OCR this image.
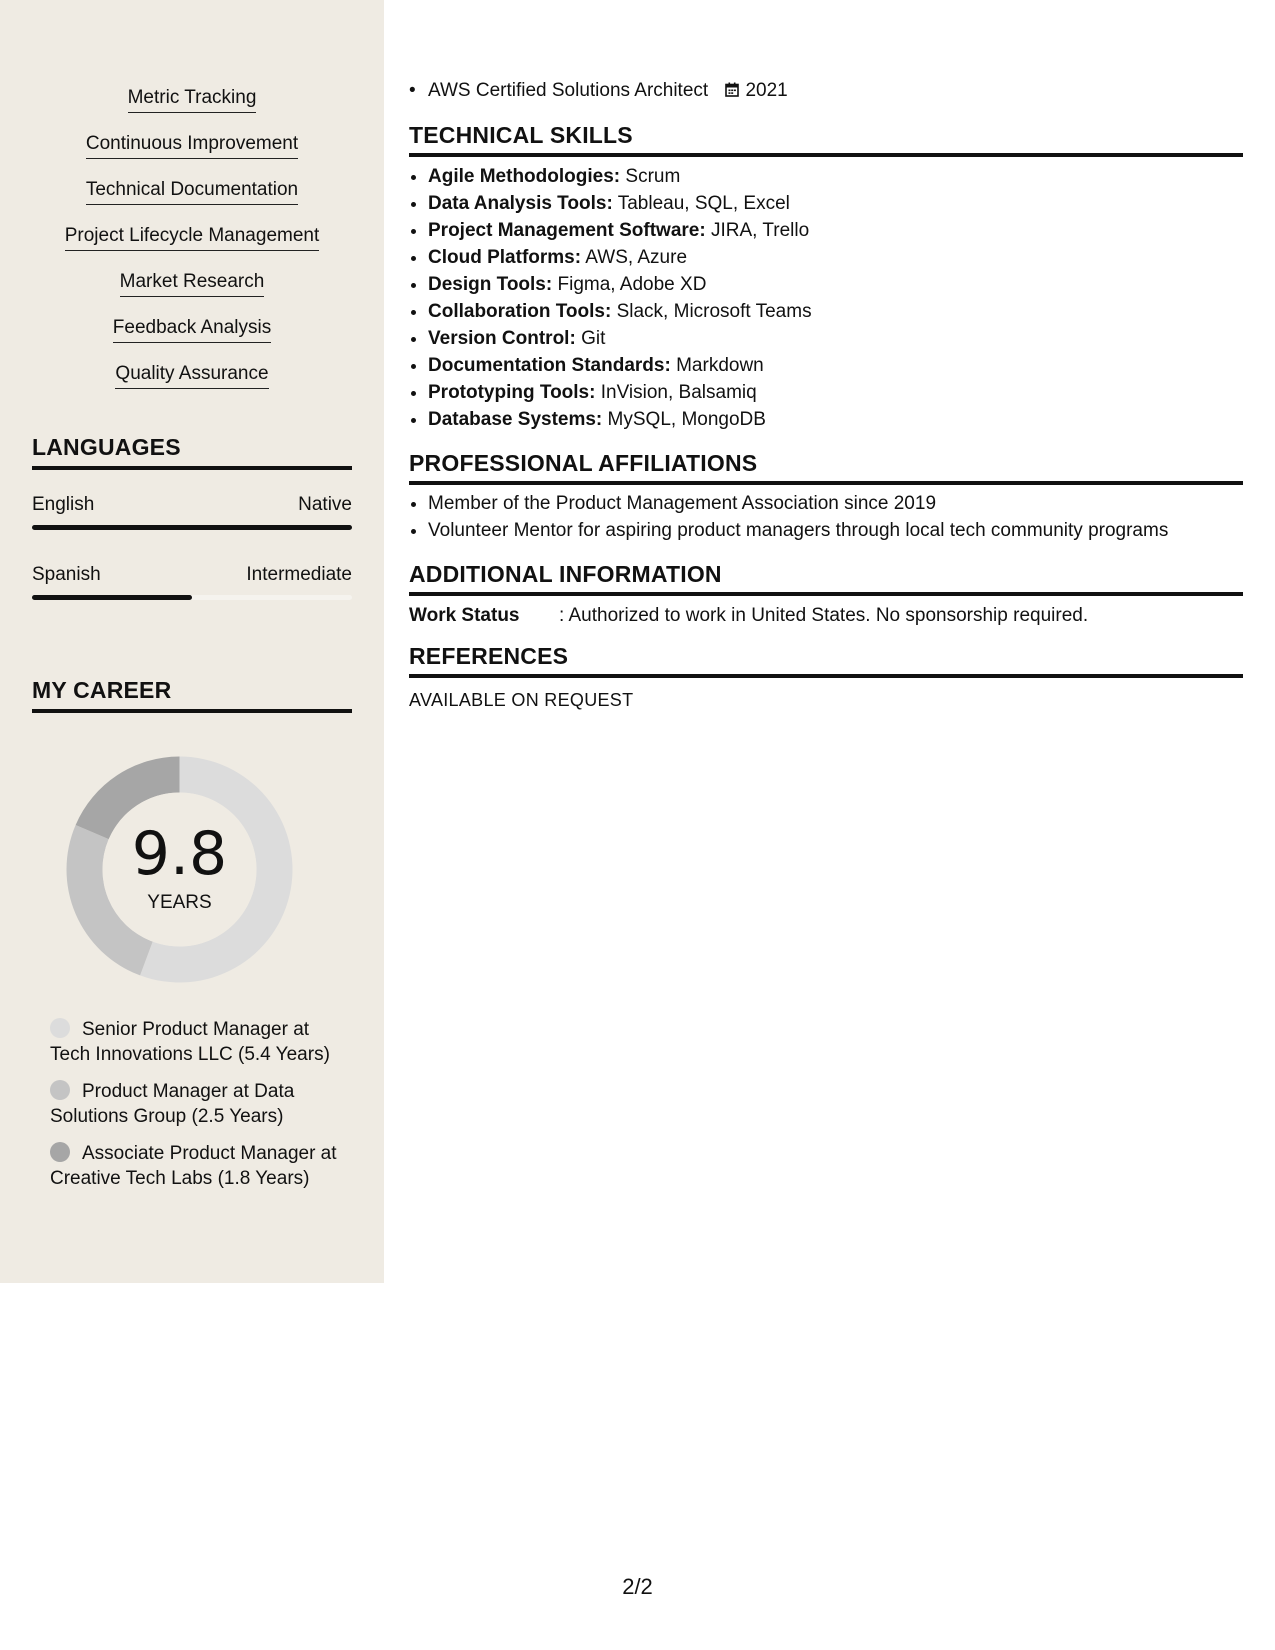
Metric Tracking
Continuous Improvement
Technical Documentation
Project Lifecycle Management
Market Research
Feedback Analysis
Quality Assurance
LANGUAGES
English	Native
Spanish	Intermediate
MY CAREER
9.8
YEARS
Senior Product Manager at Tech Innovations LLC (5.4 Years)
Product Manager at Data Solutions Group (2.5 Years)
Associate Product Manager at Creative Tech Labs (1.8 Years)
• AWS Certified Solutions Architect 2021
TECHNICAL SKILLS
• Agile Methodologies: Scrum
• Data Analysis Tools: Tableau, SQL, Excel
• Project Management Software: JIRA, Trello
• Cloud Platforms: AWS, Azure
• Design Tools: Figma, Adobe XD
• Collaboration Tools: Slack, Microsoft Teams
• Version Control: Git
• Documentation Standards: Markdown
• Prototyping Tools: InVision, Balsamiq
• Database Systems: MySQL, MongoDB
PROFESSIONAL AFFILIATIONS
• Member of the Product Management Association since 2019
• Volunteer Mentor for aspiring product managers through local tech community programs
ADDITIONAL INFORMATION
Work Status : Authorized to work in United States. No sponsorship required.
REFERENCES
AVAILABLE ON REQUEST
2/2
